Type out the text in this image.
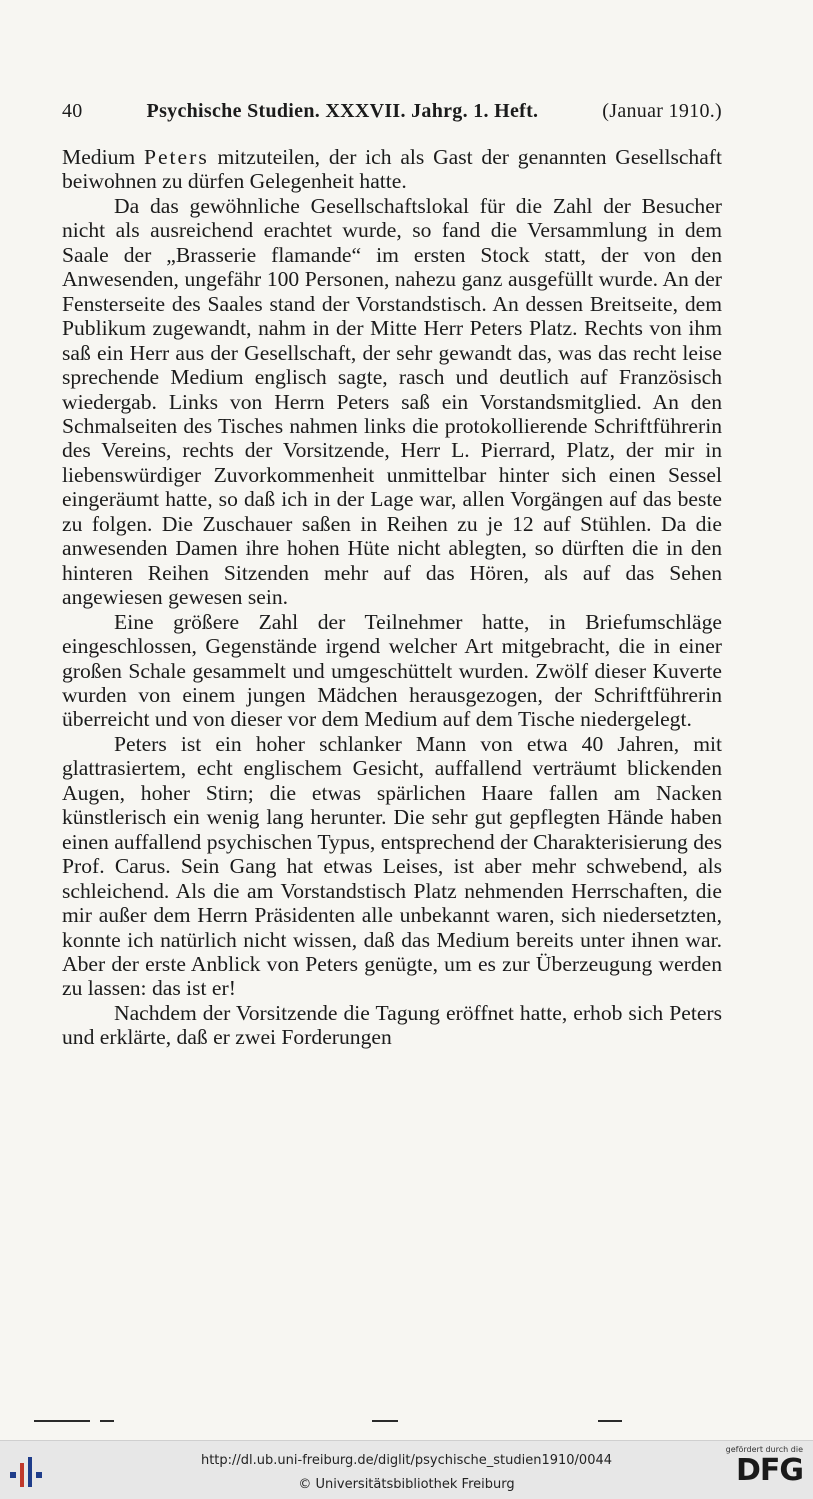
40	Psychische Studien. XXXVII. Jahrg. 1. Heft.	(Januar 1910.)

Medium Peters mitzuteilen, der ich als Gast der genannten Gesellschaft beiwohnen zu dürfen Gelegenheit hatte.

Da das gewöhnliche Gesellschaftslokal für die Zahl der Besucher nicht als ausreichend erachtet wurde, so fand die Versammlung in dem Saale der „Brasserie flamande“ im ersten Stock statt, der von den Anwesenden, ungefähr 100 Personen, nahezu ganz ausgefüllt wurde. An der Fensterseite des Saales stand der Vorstandstisch. An dessen Breitseite, dem Publikum zugewandt, nahm in der Mitte Herr Peters Platz. Rechts von ihm saß ein Herr aus der Gesellschaft, der sehr gewandt das, was das recht leise sprechende Medium englisch sagte, rasch und deutlich auf Französisch wiedergab. Links von Herrn Peters saß ein Vorstandsmitglied. An den Schmalseiten des Tisches nahmen links die protokollierende Schriftführerin des Vereins, rechts der Vorsitzende, Herr L. Pierrard, Platz, der mir in liebenswürdiger Zuvorkommenheit unmittelbar hinter sich einen Sessel eingeräumt hatte, so daß ich in der Lage war, allen Vorgängen auf das beste zu folgen. Die Zuschauer saßen in Reihen zu je 12 auf Stühlen. Da die anwesenden Damen ihre hohen Hüte nicht ablegten, so dürften die in den hinteren Reihen Sitzenden mehr auf das Hören, als auf das Sehen angewiesen gewesen sein.

Eine größere Zahl der Teilnehmer hatte, in Briefumschläge eingeschlossen, Gegenstände irgend welcher Art mitgebracht, die in einer großen Schale gesammelt und umgeschüttelt wurden. Zwölf dieser Kuverte wurden von einem jungen Mädchen herausgezogen, der Schriftführerin überreicht und von dieser vor dem Medium auf dem Tische niedergelegt.

Peters ist ein hoher schlanker Mann von etwa 40 Jahren, mit glattrasiertem, echt englischem Gesicht, auffallend verträumt blickenden Augen, hoher Stirn; die etwas spärlichen Haare fallen am Nacken künstlerisch ein wenig lang herunter. Die sehr gut gepflegten Hände haben einen auffallend psychischen Typus, entsprechend der Charakterisierung des Prof. Carus. Sein Gang hat etwas Leises, ist aber mehr schwebend, als schleichend. Als die am Vorstandstisch Platz nehmenden Herrschaften, die mir außer dem Herrn Präsidenten alle unbekannt waren, sich niedersetzten, konnte ich natürlich nicht wissen, daß das Medium bereits unter ihnen war. Aber der erste Anblick von Peters genügte, um es zur Überzeugung werden zu lassen: das ist er!

Nachdem der Vorsitzende die Tagung eröffnet hatte, erhob sich Peters und erklärte, daß er zwei Forderungen

http://dl.ub.uni-freiburg.de/diglit/psychische_studien1910/0044
© Universitätsbibliothek Freiburg
gefördert durch die
DFG
